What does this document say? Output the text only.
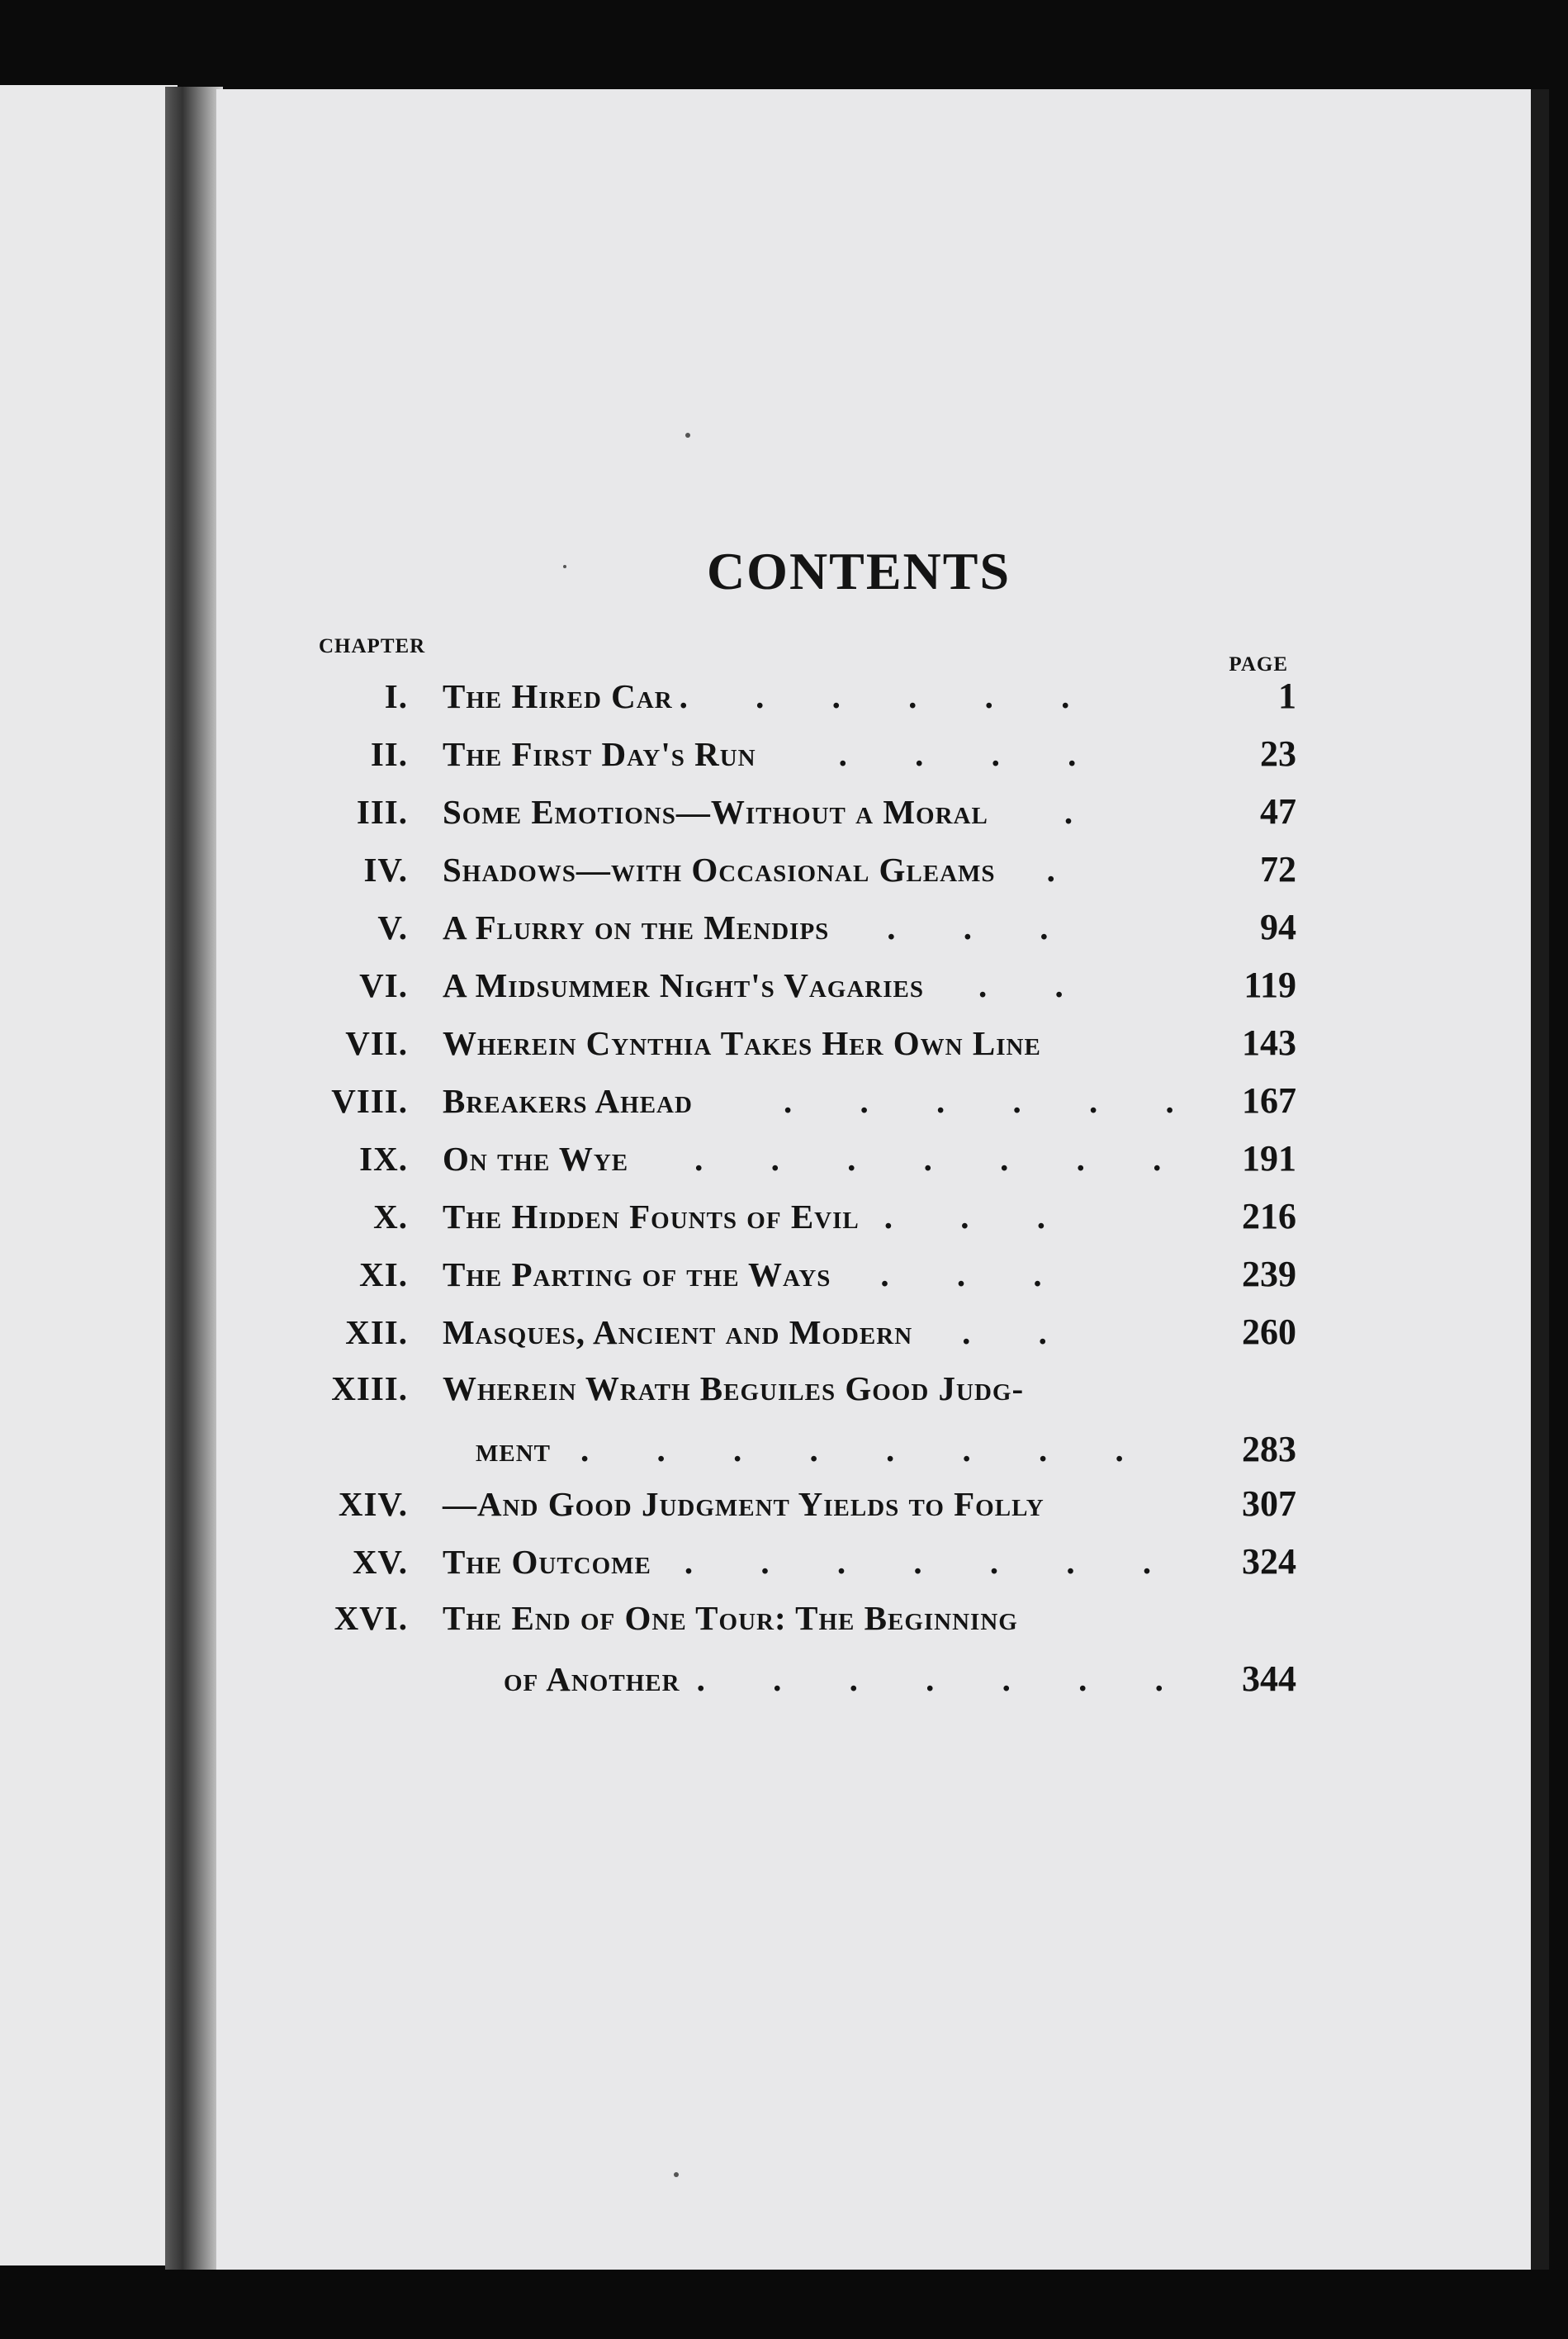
CONTENTS
CHAPTER
PAGE
I.	The Hired Car . . . . . .	1
II.	The First Day's Run . . . .	23
III.	Some Emotions—Without a Moral .	47
IV.	Shadows—with Occasional Gleams .	72
V.	A Flurry on the Mendips . . .	94
VI.	A Midsummer Night's Vagaries . .	119
VII.	Wherein Cynthia Takes Her Own Line	143
VIII.	Breakers Ahead	. . . . . .	167
IX.	On the Wye . . . . . . .	191
X.	The Hidden Founts of Evil . . .	216
XI.	The Parting of the Ways . . .	239
XII.	Masques, Ancient and Modern . .	260
XIII.	Wherein Wrath Beguiles Good Judg-
ment . . . . . . . .	283
XIV.	—And Good Judgment Yields to Folly	307
XV.	The Outcome . . . . . . .	324
XVI.	The End of One Tour: The Beginning
of Another . . . . . . .	344
